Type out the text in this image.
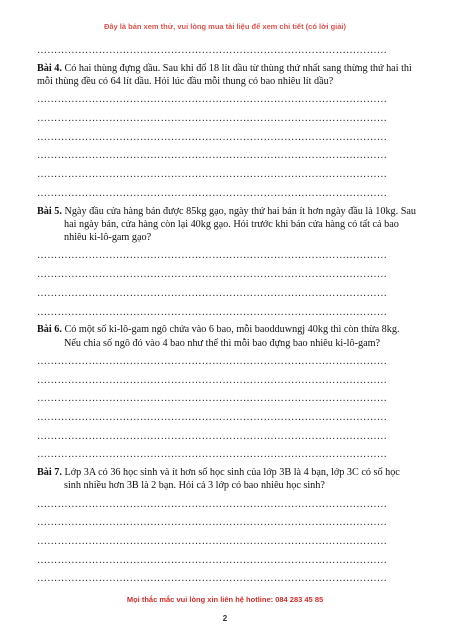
Đây là bản xem thử, vui lòng mua tài liệu để xem chi tiết (có lời giải)
…………………………………………………………………………………………
Bài 4. Có hai thùng đựng dầu. Sau khi đổ 18 lít dầu từ thùng thứ nhất sang thừng thứ hai thì mỗi thùng đều có 64 lít dầu. Hỏi lúc đầu mỗi thung có bao nhiêu lít dầu?
…………………………………………………………………………………………
…………………………………………………………………………………………
…………………………………………………………………………………………
…………………………………………………………………………………………
…………………………………………………………………………………………
…………………………………………………………………………………………
Bài 5. Ngày đầu cửa hàng bán được 85kg gạo, ngày thứ hai bán ít hơn ngày đầu là 10kg. Sau hai ngày bán, cửa hàng còn lại 40kg gạo. Hỏi trước khi bán cửa hàng có tất cả bao nhiêu ki-lô-gam gạo?
…………………………………………………………………………………………
…………………………………………………………………………………………
…………………………………………………………………………………………
…………………………………………………………………………………………
Bài 6. Có một số ki-lô-gam ngô chứa vào 6 bao, mỗi baodduwngj 40kg thì còn thừa 8kg. Nếu chia số ngô đó vào 4 bao như thế thì mỗi bao đựng bao nhiêu ki-lô-gam?
…………………………………………………………………………………………
…………………………………………………………………………………………
…………………………………………………………………………………………
…………………………………………………………………………………………
…………………………………………………………………………………………
…………………………………………………………………………………………
Bài 7. Lớp 3A có 36 học sinh và ít hơn số học sinh của lớp 3B là 4 bạn, lớp 3C có số học sinh nhiều hơn 3B là 2 bạn. Hỏi cả 3 lớp có bao nhiêu học sinh?
…………………………………………………………………………………………
…………………………………………………………………………………………
…………………………………………………………………………………………
…………………………………………………………………………………………
…………………………………………………………………………………………
Mọi thắc mắc vui lòng xin liên hệ hotline: 084 283 45 85
2
